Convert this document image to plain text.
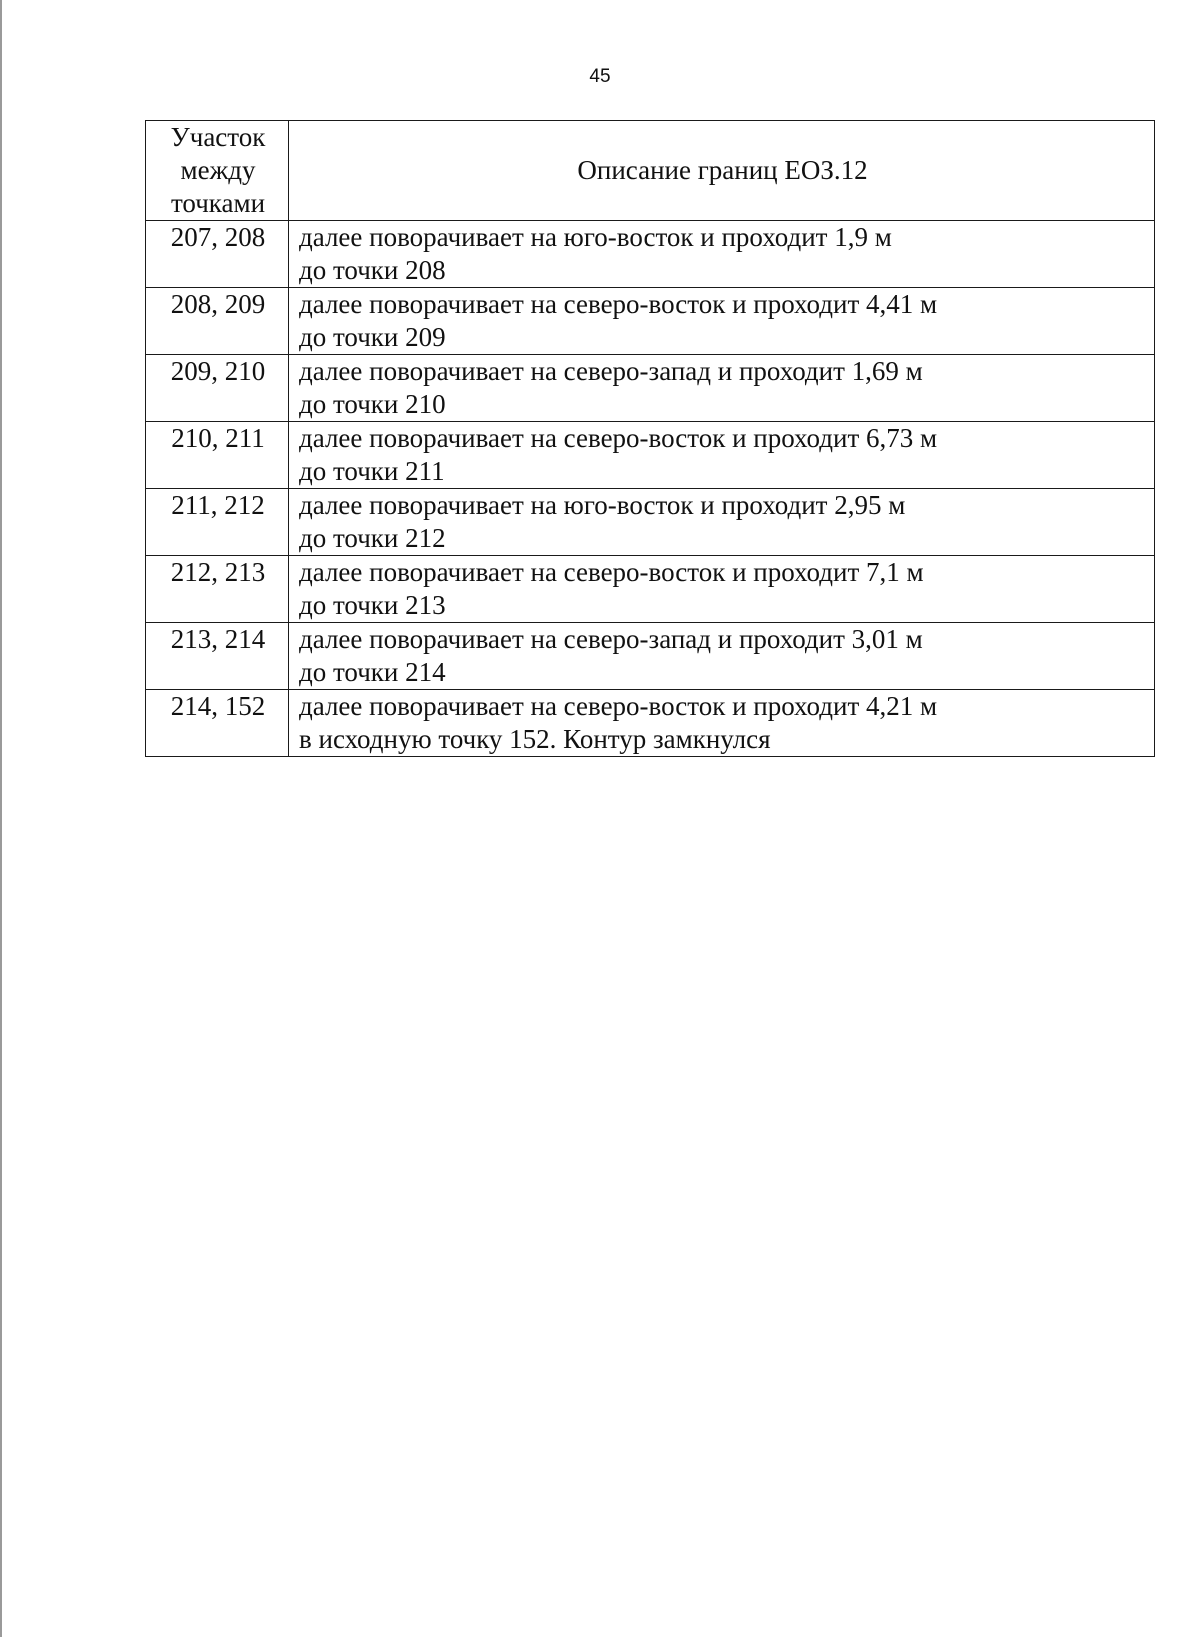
45
Участок
между
точками	Описание границ ЕОЗ.12
207, 208	далее поворачивает на юго-восток и проходит 1,9 м
до точки 208

208, 209	далее поворачивает на северо-восток и проходит 4,41 м
до точки 209

209, 210	далее поворачивает на северо-запад и проходит 1,69 м
до точки 210

210, 211	далее поворачивает на северо-восток и проходит 6,73 м
до точки 211

211, 212	далее поворачивает на юго-восток и проходит 2,95 м
до точки 212

212, 213	далее поворачивает на северо-восток и проходит 7,1 м
до точки 213

213, 214	далее поворачивает на северо-запад и проходит 3,01 м
до точки 214

214, 152	далее поворачивает на северо-восток и проходит 4,21 м
в исходную точку 152. Контур замкнулся
